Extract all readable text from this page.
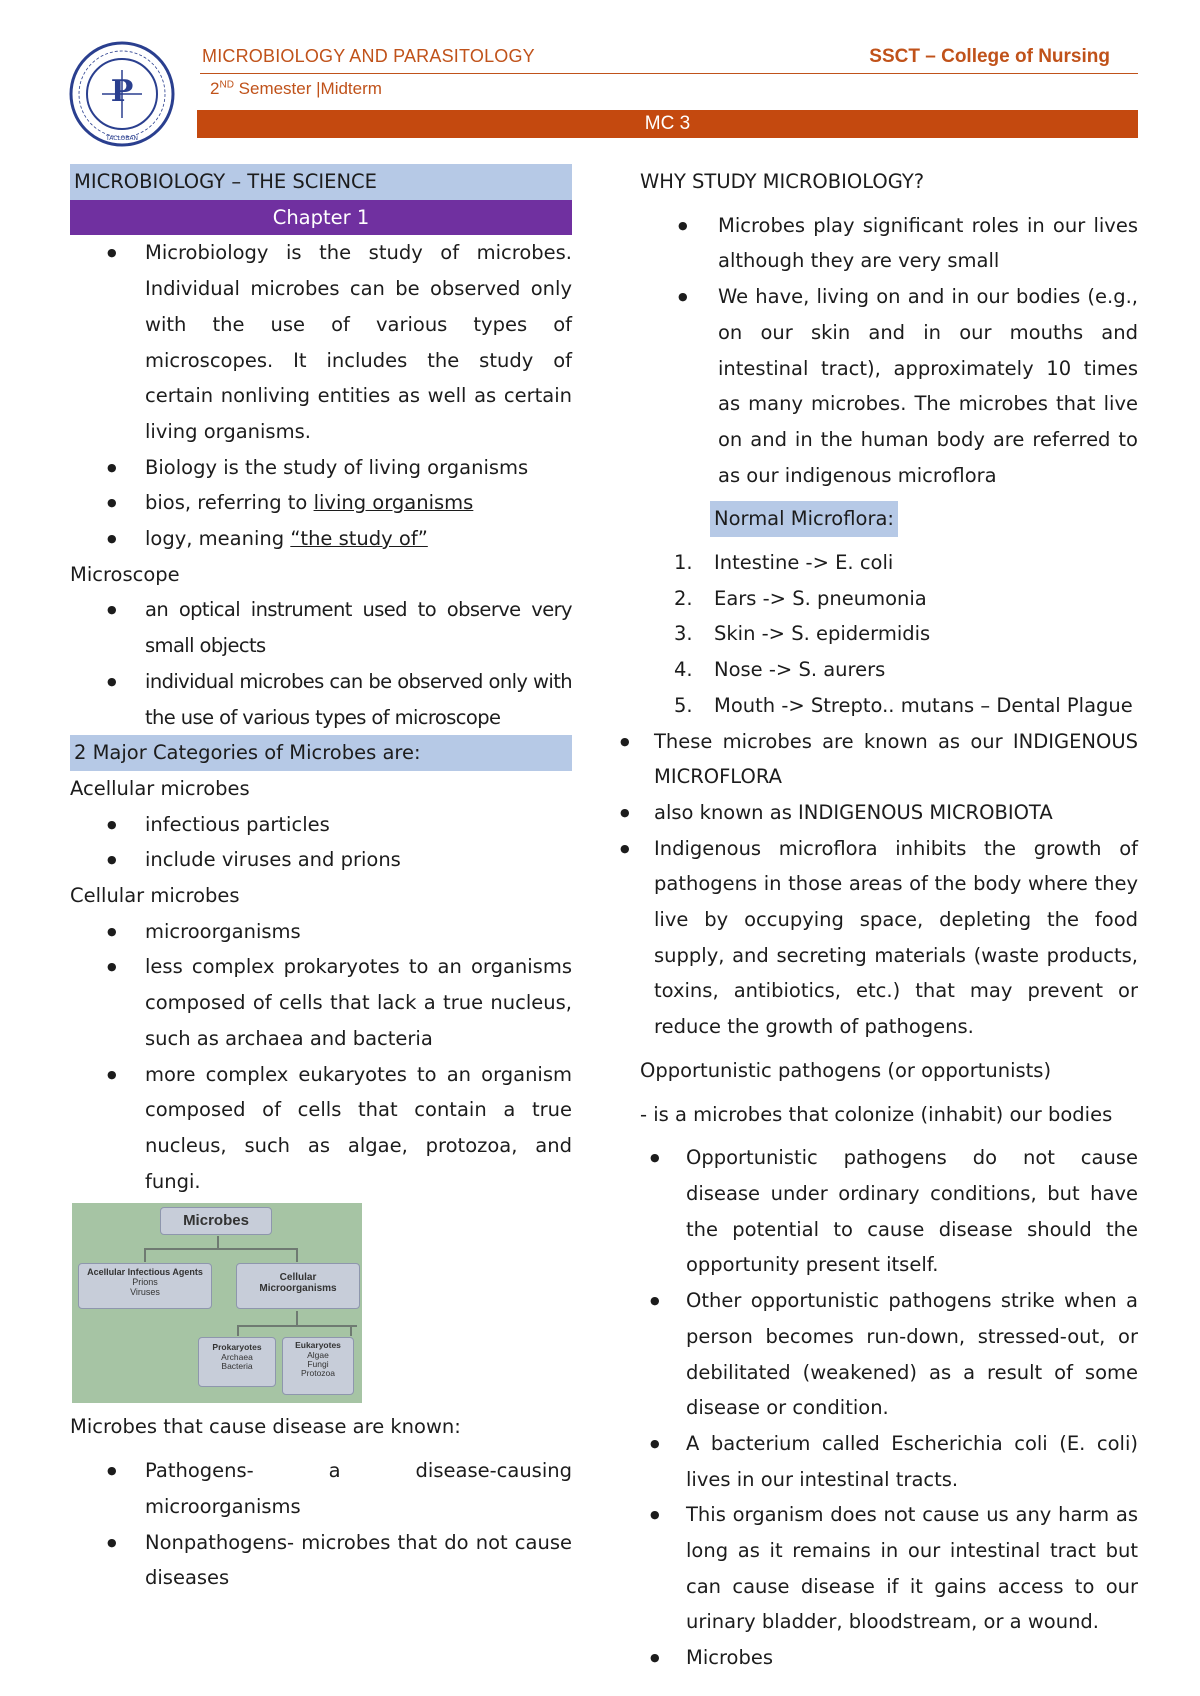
P
TACLOBAN
MICROBIOLOGY AND PARASITOLOGY	SSCT – College of Nursing
2ND Semester |Midterm
MC 3

MICROBIOLOGY – THE SCIENCE

Chapter 1

● Microbiology is the study of microbes. Individual microbes can be observed only with the use of various types of microscopes. It includes the study of certain nonliving entities as well as certain living organisms.
● Biology is the study of living organisms
● bios, referring to living organisms
● logy, meaning “the study of”

Microscope

● an optical instrument used to observe very small objects
● individual microbes can be observed only with the use of various types of microscope

2 Major Categories of Microbes are:

Acellular microbes

● infectious particles
● include viruses and prions

Cellular microbes

● microorganisms
● less complex prokaryotes to an organisms composed of cells that lack a true nucleus, such as archaea and bacteria
● more complex eukaryotes to an organism composed of cells that contain a true nucleus, such as algae, protozoa, and fungi.
Microbes
Acellular Infectious Agents
Prions
Viruses
Cellular
Microorganisms
Prokaryotes
Archaea
Bacteria
Eukaryotes
Algae
Fungi
Protozoa

Microbes that cause disease are known:

● Pathogens- a disease-causing microorganisms
● Nonpathogens- microbes that do not cause diseases

WHY STUDY MICROBIOLOGY?

● Microbes play significant roles in our lives although they are very small
● We have, living on and in our bodies (e.g., on our skin and in our mouths and intestinal tract), approximately 10 times as many microbes. The microbes that live on and in the human body are referred to as our indigenous microflora

Normal Microflora:

1. Intestine -> E. coli
2. Ears -> S. pneumonia
3. Skin -> S. epidermidis
4. Nose -> S. aurers
5. Mouth -> Strepto.. mutans – Dental Plague
● These microbes are known as our INDIGENOUS MICROFLORA
● also known as INDIGENOUS MICROBIOTA
● Indigenous microflora inhibits the growth of pathogens in those areas of the body where they live by occupying space, depleting the food supply, and secreting materials (waste products, toxins, antibiotics, etc.) that may prevent or reduce the growth of pathogens.

Opportunistic pathogens (or opportunists)

- is a microbes that colonize (inhabit) our bodies

● Opportunistic pathogens do not cause disease under ordinary conditions, but have the potential to cause disease should the opportunity present itself.
● Other opportunistic pathogens strike when a person becomes run-down, stressed-out, or debilitated (weakened) as a result of some disease or condition.
● A bacterium called Escherichia coli (E. coli) lives in our intestinal tracts.
● This organism does not cause us any harm as long as it remains in our intestinal tract but can cause disease if it gains access to our urinary bladder, bloodstream, or a wound.
● Microbes
